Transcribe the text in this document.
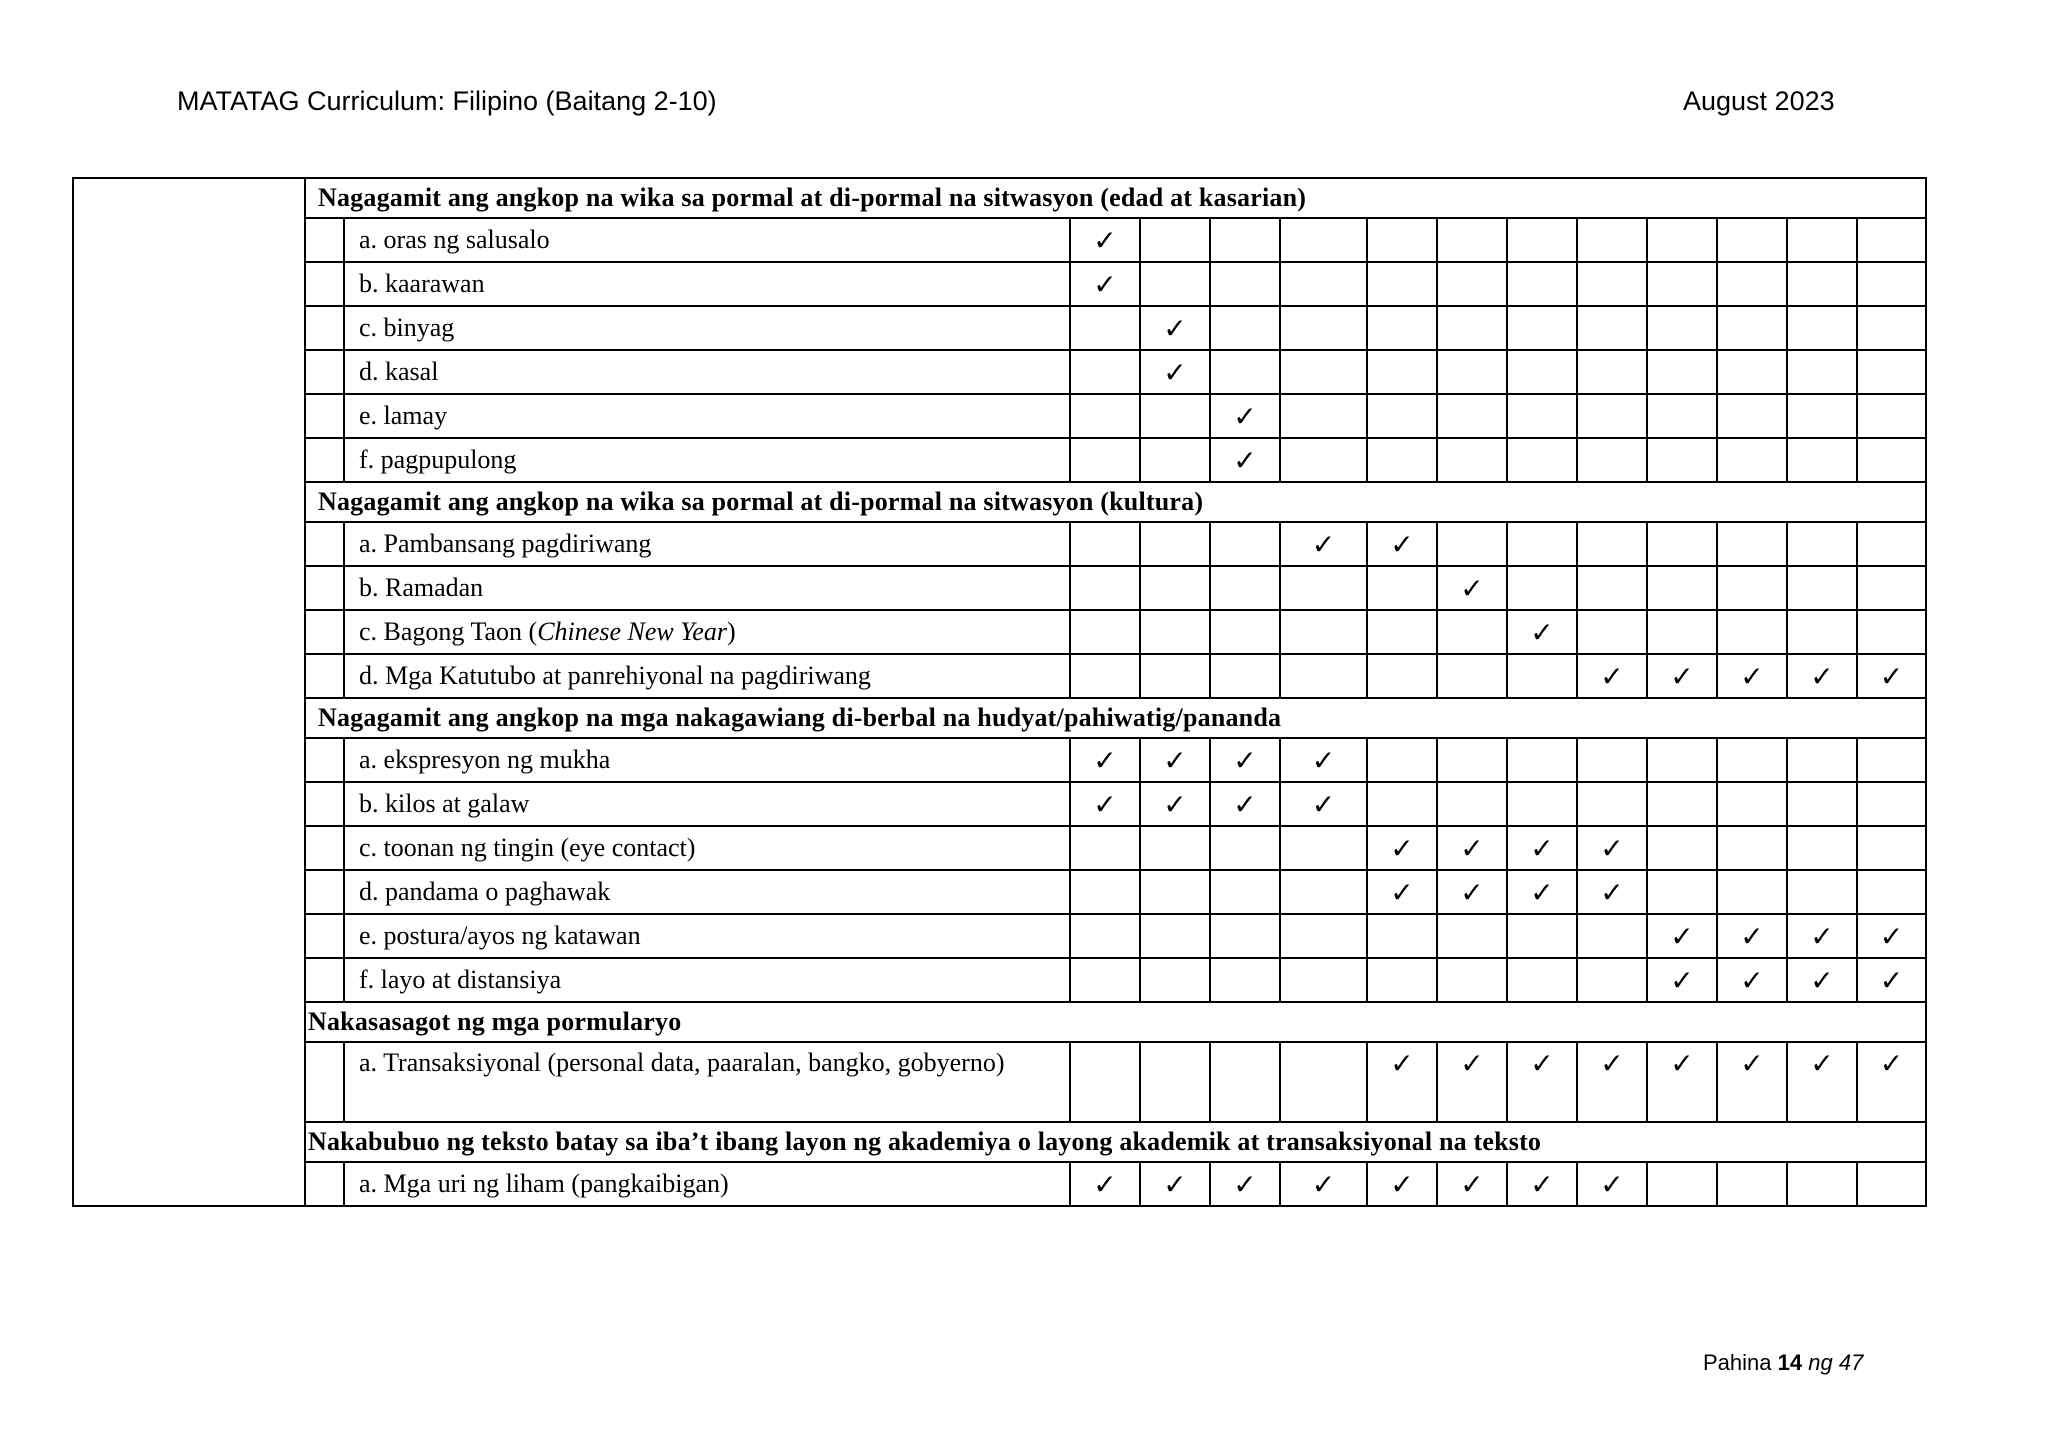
MATATAG Curriculum: Filipino (Baitang 2-10)	August 2023
	Nagagamit ang angkop na wika sa pormal at di-pormal na sitwasyon (edad at kasarian)													
		a. oras ng salusalo	✓											
		b. kaarawan	✓											
		c. binyag		✓										
		d. kasal		✓										
		e. lamay			✓									
		f. pagpupulong			✓									
	Nagagamit ang angkop na wika sa pormal at di-pormal na sitwasyon (kultura)													
		a. Pambansang pagdiriwang				✓	✓							
		b. Ramadan						✓						
		c. Bagong Taon (Chinese New Year)							✓					
		d. Mga Katutubo at panrehiyonal na pagdiriwang								✓	✓	✓	✓	✓
	Nagagamit ang angkop na mga nakagawiang di-berbal na hudyat/pahiwatig/pananda													
		a. ekspresyon ng mukha	✓	✓	✓	✓								
		b. kilos at galaw	✓	✓	✓	✓								
		c. toonan ng tingin (eye contact)					✓	✓	✓	✓				
		d. pandama o paghawak					✓	✓	✓	✓				
		e. postura/ayos ng katawan									✓	✓	✓	✓
		f. layo at distansiya									✓	✓	✓	✓
	Nakasasagot ng mga pormularyo													
		a. Transaksiyonal (personal data, paaralan, bangko, gobyerno)					✓	✓	✓	✓	✓	✓	✓	✓
	Nakabubuo ng teksto batay sa iba’t ibang layon ng akademiya o layong akademik at transaksiyonal na teksto													
		a. Mga uri ng liham (pangkaibigan)	✓	✓	✓	✓	✓	✓	✓	✓				
Pahina 14 ng 47
